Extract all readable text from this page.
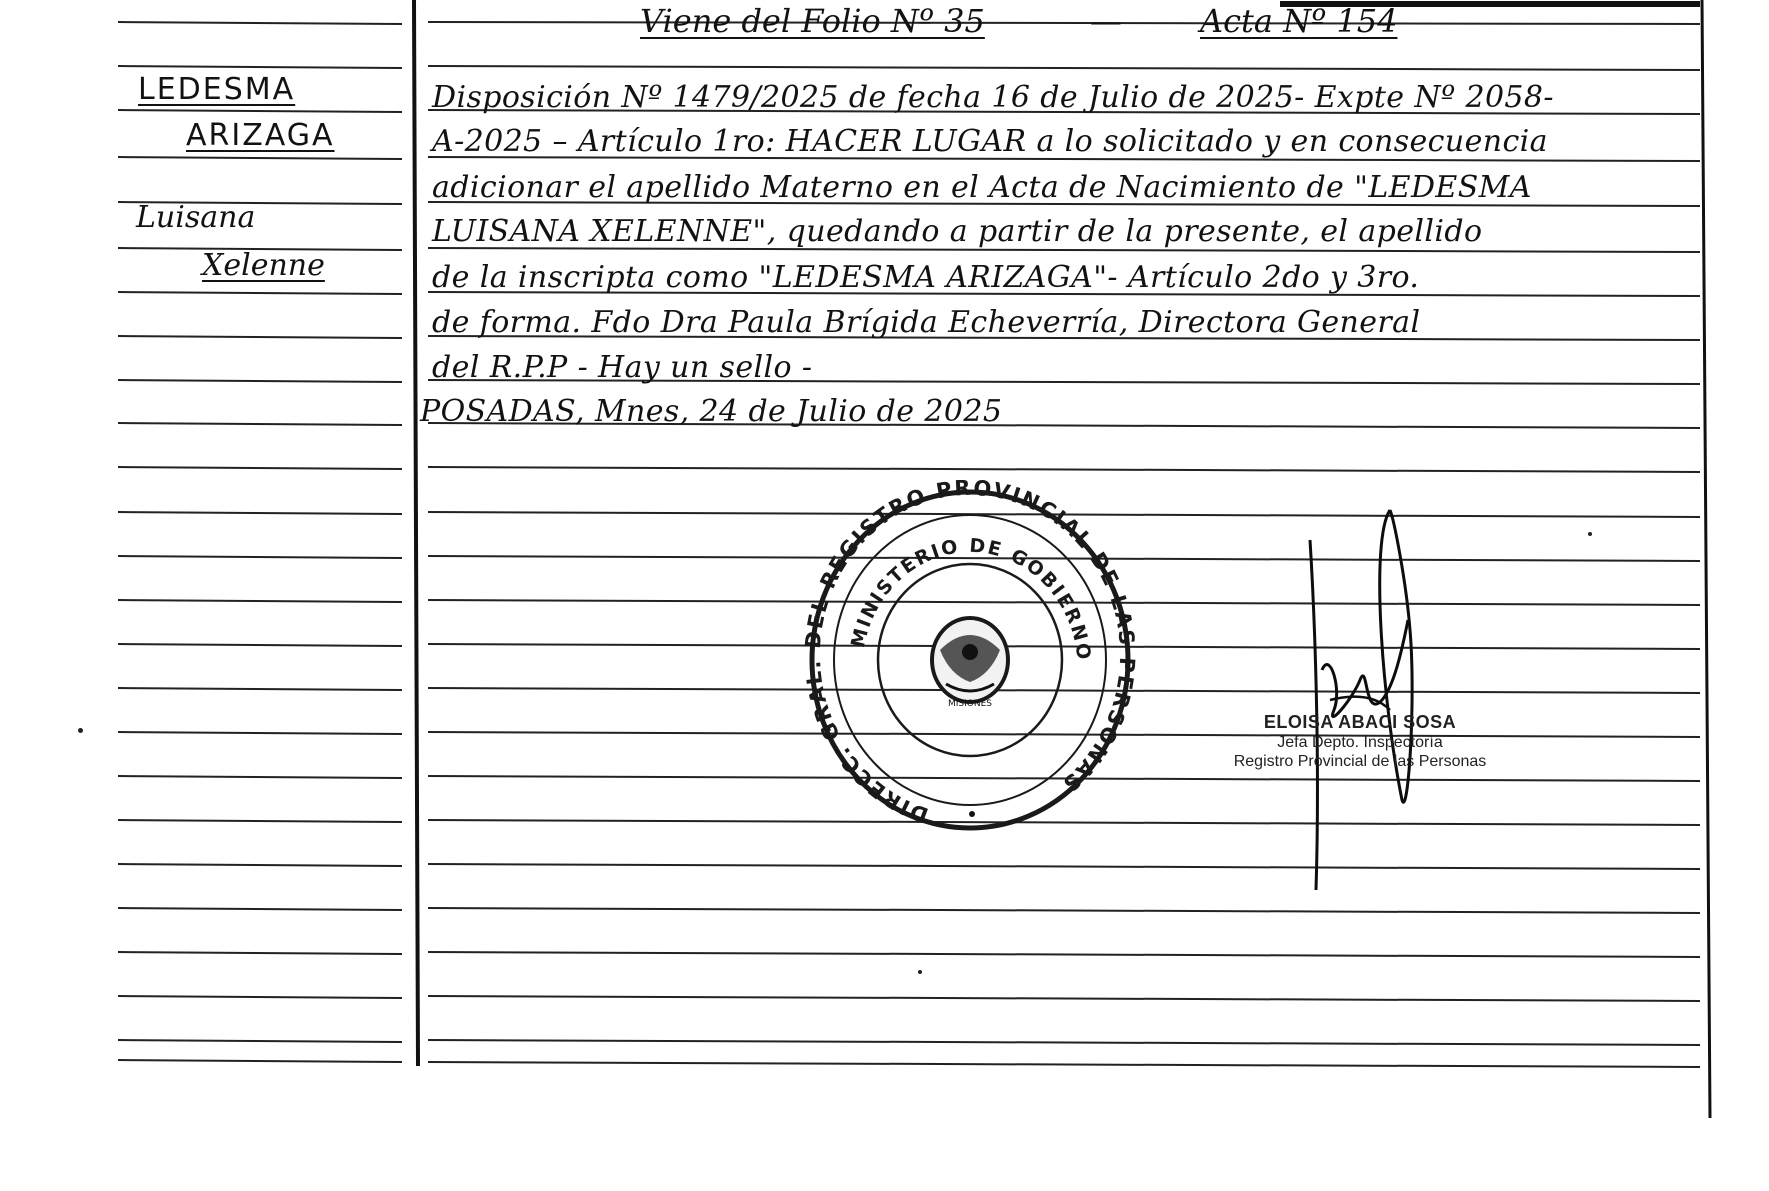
Viene del Folio Nº 35	— Acta Nº 154
LEDESMA
ARIZAGA
Luisana
Xelenne
Disposición Nº 1479/2025 de fecha 16 de Julio de 2025- Expte Nº 2058-
A-2025 – Artículo 1ro: HACER LUGAR a lo solicitado y en consecuencia
adicionar el apellido Materno en el Acta de Nacimiento de "LEDESMA
LUISANA XELENNE", quedando a partir de la presente, el apellido
de la inscripta como "LEDESMA ARIZAGA"- Artículo 2do y 3ro.
de forma. Fdo Dra Paula Brígida Echeverría, Directora General
del R.P.P - Hay un sello -
POSADAS, Mnes, 24 de Julio de 2025
DIRECC. GRAL. DEL REGISTRO PROVINCIAL DE LAS PERSONAS
MINISTERIO DE GOBIERNO
MISIONES
ELOISA ABACI SOSA
Jefa Depto. Inspectoría
Registro Provincial de las Personas
